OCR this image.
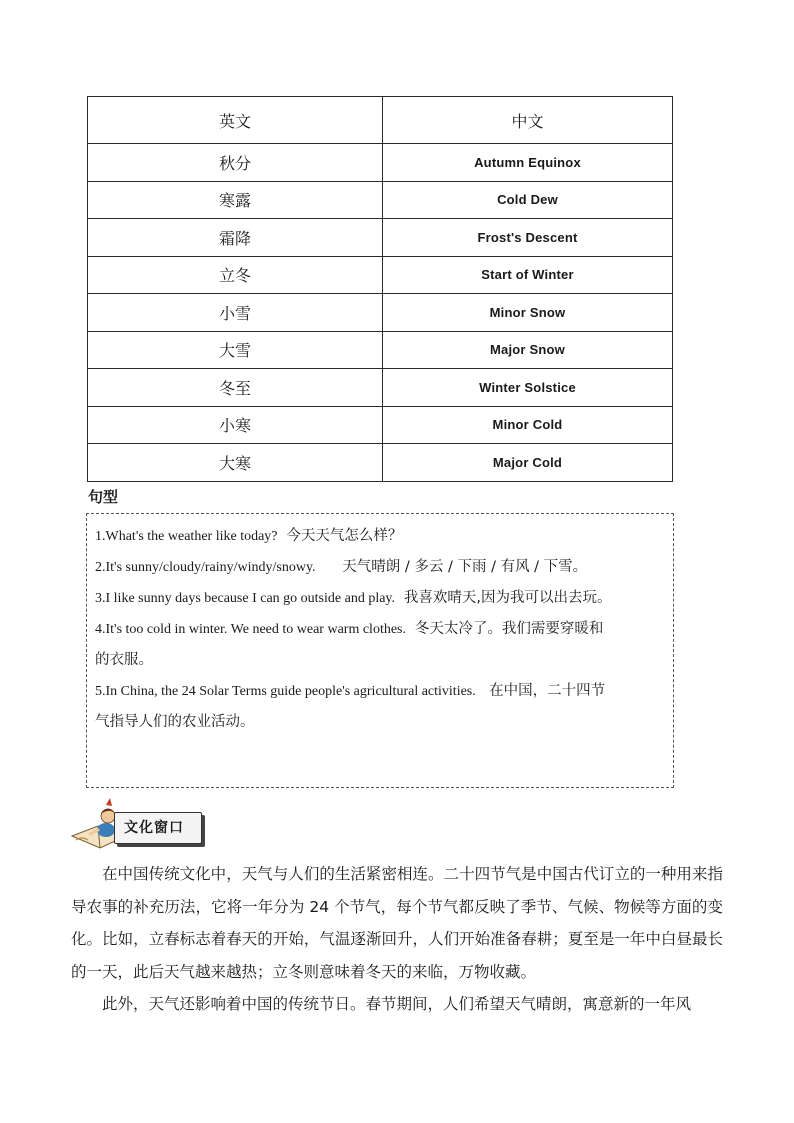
英文	中文
秋分	Autumn Equinox
寒露	Cold Dew
霜降	Frost's Descent
立冬	Start of Winter
小雪	Minor Snow
大雪	Major Snow
冬至	Winter Solstice
小寒	Minor Cold
大寒	Major Cold
句型
1.What's the weather like today? 今天天气怎么样？
2.It's sunny/cloudy/rainy/windy/snowy. 天气晴朗 / 多云 / 下雨 / 有风 / 下雪。
3.I like sunny days because I can go outside and play. 我喜欢晴天,因为我可以出去玩。
4.It's too cold in winter. We need to wear warm clothes. 冬天太冷了。我们需要穿暖和
的衣服。
5.In China, the 24 Solar Terms guide people's agricultural activities. 在中国，二十四节
气指导人们的农业活动。
文化窗口

在中国传统文化中，天气与人们的生活紧密相连。二十四节气是中国古代订立的一种用来指导农事的补充历法，它将一年分为 24 个节气，每个节气都反映了季节、气候、物候等方面的变化。比如，立春标志着春天的开始，气温逐渐回升，人们开始准备春耕；夏至是一年中白昼最长的一天，此后天气越来越热；立冬则意味着冬天的来临，万物收藏。

此外，天气还影响着中国的传统节日。春节期间，人们希望天气晴朗，寓意新的一年风
